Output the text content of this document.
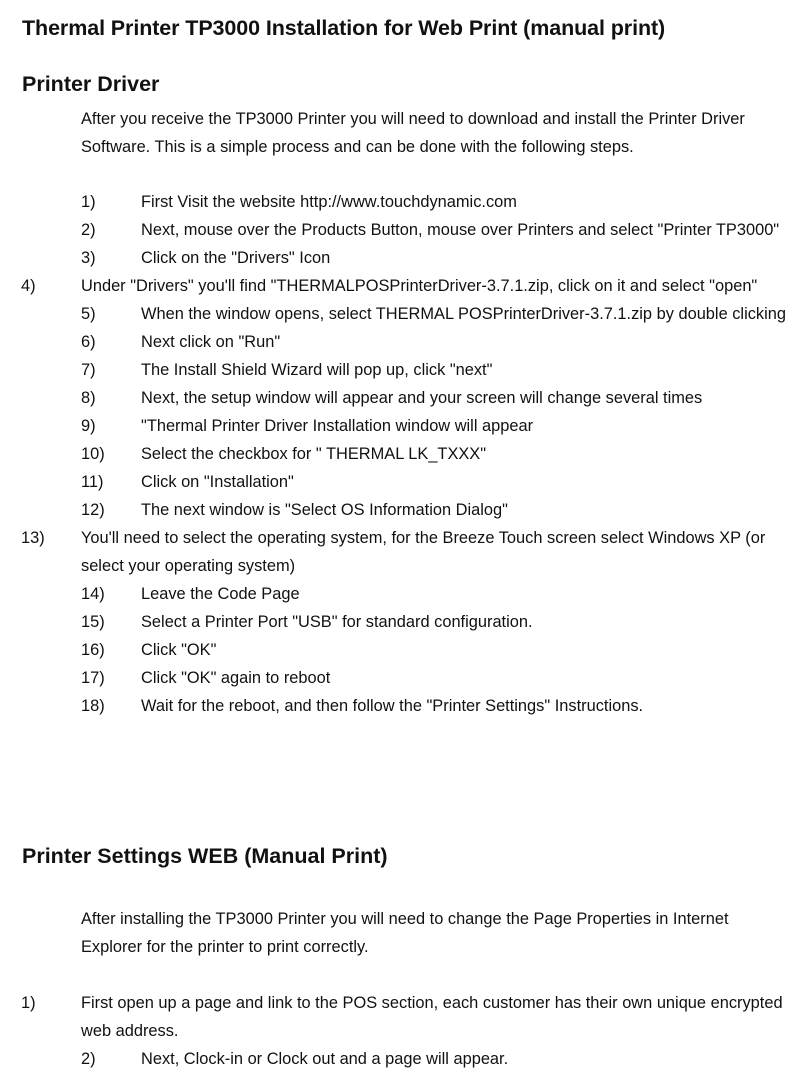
Thermal Printer TP3000 Installation for Web Print (manual print)
Printer Driver

After you receive the TP3000 Printer you will need to download and install the Printer Driver Software. This is a simple process and can be done with the following steps.

1)	First Visit the website http://www.touchdynamic.com
2)	Next, mouse over the Products Button, mouse over Printers and select "Printer TP3000"
3)	Click on the "Drivers" Icon
4)	Under "Drivers" you'll find "THERMALPOSPrinterDriver-3.7.1.zip, click on it and select "open"
5)	When the window opens, select THERMAL POSPrinterDriver-3.7.1.zip by double clicking
6)	Next click on "Run"
7)	The Install Shield Wizard will pop up, click "next"
8)	Next, the setup window will appear and your screen will change several times
9)	"Thermal Printer Driver Installation window will appear
10) Select the checkbox for " THERMAL LK_TXXX"
11) Click on "Installation"
12) The next window is "Select OS Information Dialog"
13) You'll need to select the operating system, for the Breeze Touch screen select Windows XP (or select your operating system)
14) Leave the Code Page
15) Select a Printer Port "USB" for standard configuration.
16) Click "OK"
17) Click "OK" again to reboot
18) Wait for the reboot, and then follow the "Printer Settings" Instructions.
Printer Settings WEB (Manual Print)

After installing the TP3000 Printer you will need to change the Page Properties in Internet Explorer for the printer to print correctly.

1)	First open up a page and link to the POS section, each customer has their own unique encrypted web address.
2)	Next, Clock-in or Clock out and a page will appear.
